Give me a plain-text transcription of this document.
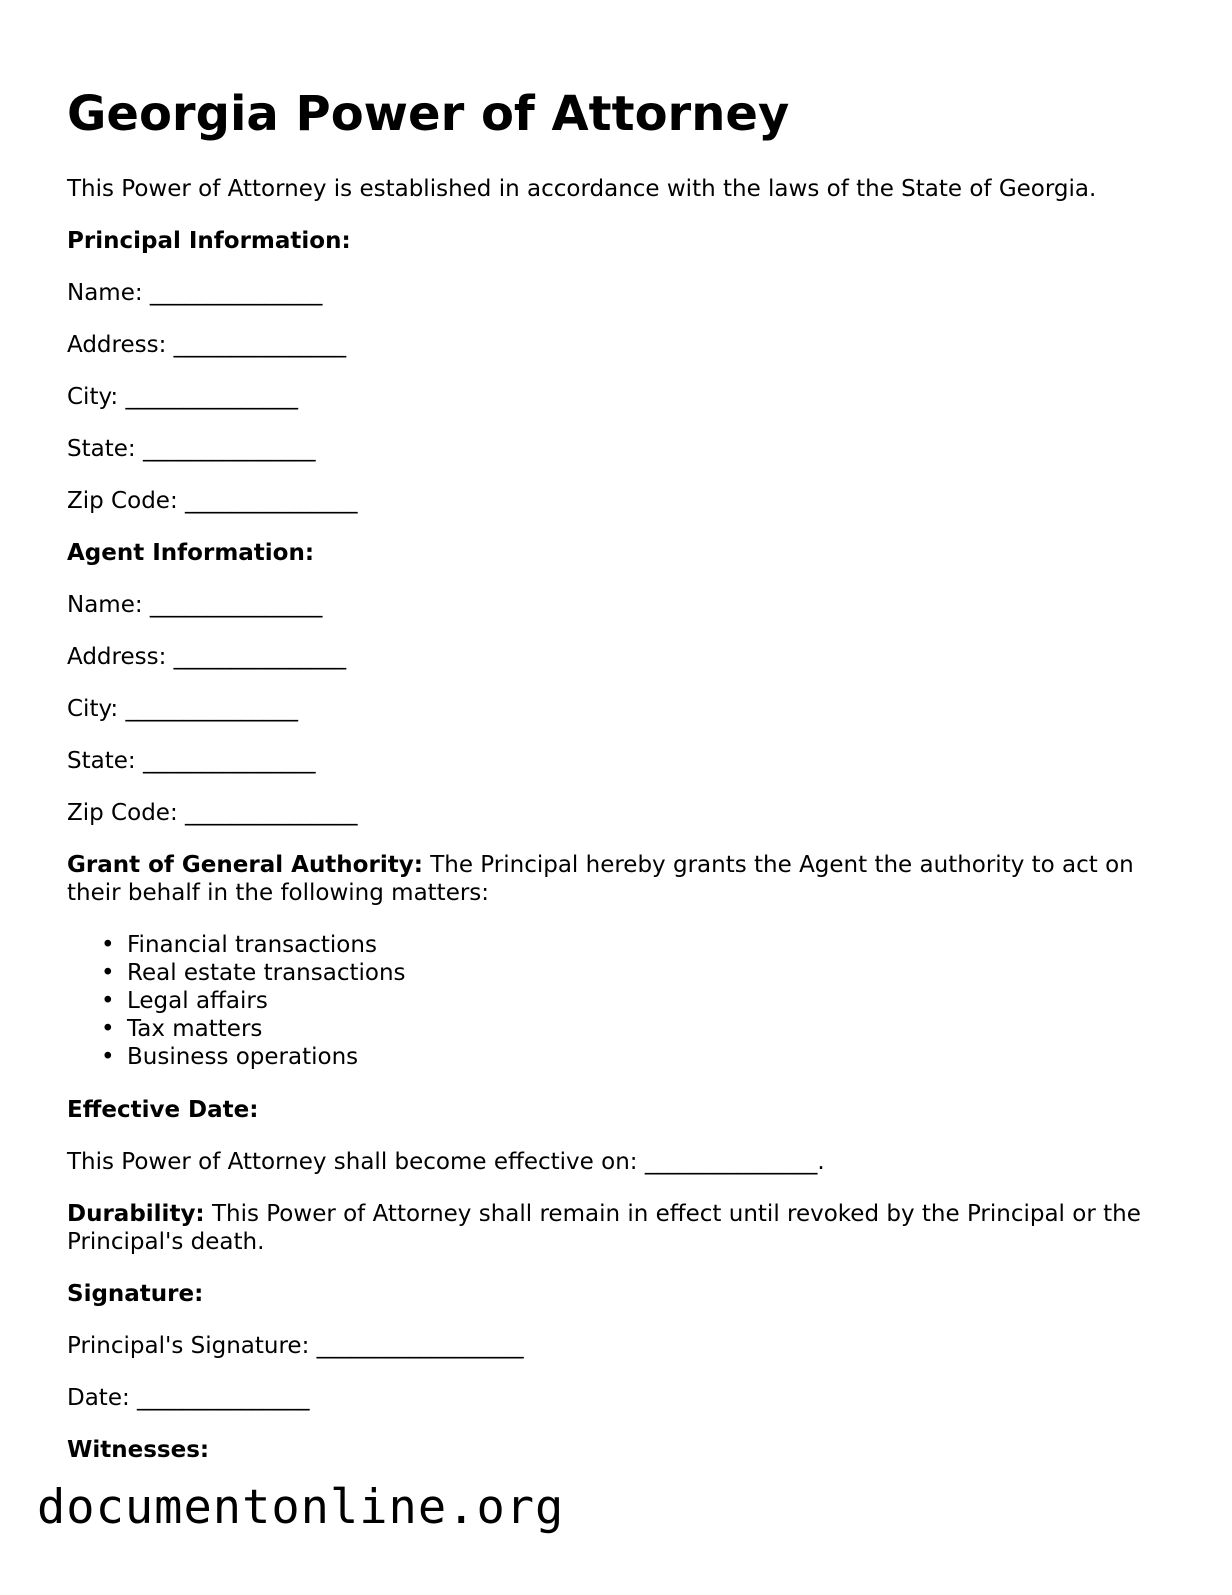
Georgia Power of Attorney

This Power of Attorney is established in accordance with the laws of the State of Georgia.

Principal Information:

Name: _______________

Address: _______________

City: _______________

State: _______________

Zip Code: _______________

Agent Information:

Name: _______________

Address: _______________

City: _______________

State: _______________

Zip Code: _______________

Grant of General Authority: The Principal hereby grants the Agent the authority to act on their behalf in the following matters:

• Financial transactions
• Real estate transactions
• Legal affairs
• Tax matters
• Business operations

Effective Date:

This Power of Attorney shall become effective on: _______________.

Durability: This Power of Attorney shall remain in effect until revoked by the Principal or the Principal's death.

Signature:

Principal's Signature: __________________

Date: _______________

Witnesses:

documentonline.org
